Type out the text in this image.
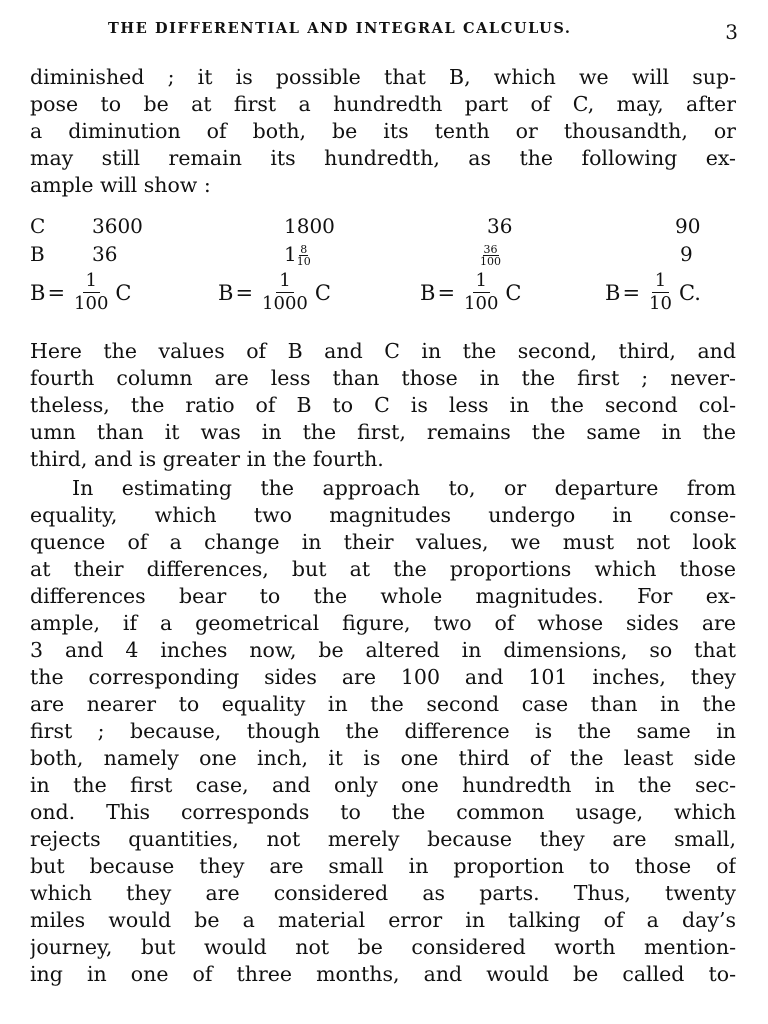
THE DIFFERENTIAL AND INTEGRAL CALCULUS.	3
diminished ; it is possible that B, which we will sup-
pose to be at first a hundredth part of C, may, after
a diminution of both, be its tenth or thousandth, or
may still remain its hundredth, as the following ex-
ample will show :
C 3600	1800	36	90
B 36	$1 \frac{8}{10}$	$\frac{36}{100}$	9
$B = \frac{1}{100}$ C	$B = \frac{1}{1000}$ C	$B = \frac{1}{100}$ C	$B = \frac{1}{10} C$.
Here the values of B and C in the second, third, and
fourth column are less than those in the first ; never-
theless, the ratio of B to C is less in the second col-
umn than it was in the first, remains the same in the
third, and is greater in the fourth.
In estimating the approach to, or departure from
equality, which two magnitudes undergo in conse-
quence of a change in their values, we must not look
at their differences, but at the proportions which those
differences bear to the whole magnitudes. For ex-
ample, if a geometrical figure, two of whose sides are
3 and 4 inches now, be altered in dimensions, so that
the corresponding sides are 100 and 101 inches, they
are nearer to equality in the second case than in the
first ; because, though the difference is the same in
both, namely one inch, it is one third of the least side
in the first case, and only one hundredth in the sec-
ond. This corresponds to the common usage, which
rejects quantities, not merely because they are small,
but because they are small in proportion to those of
which they are considered as parts. Thus, twenty
miles would be a material error in talking of a day’s
journey, but would not be considered worth mention-
ing in one of three months, and would be called to-
